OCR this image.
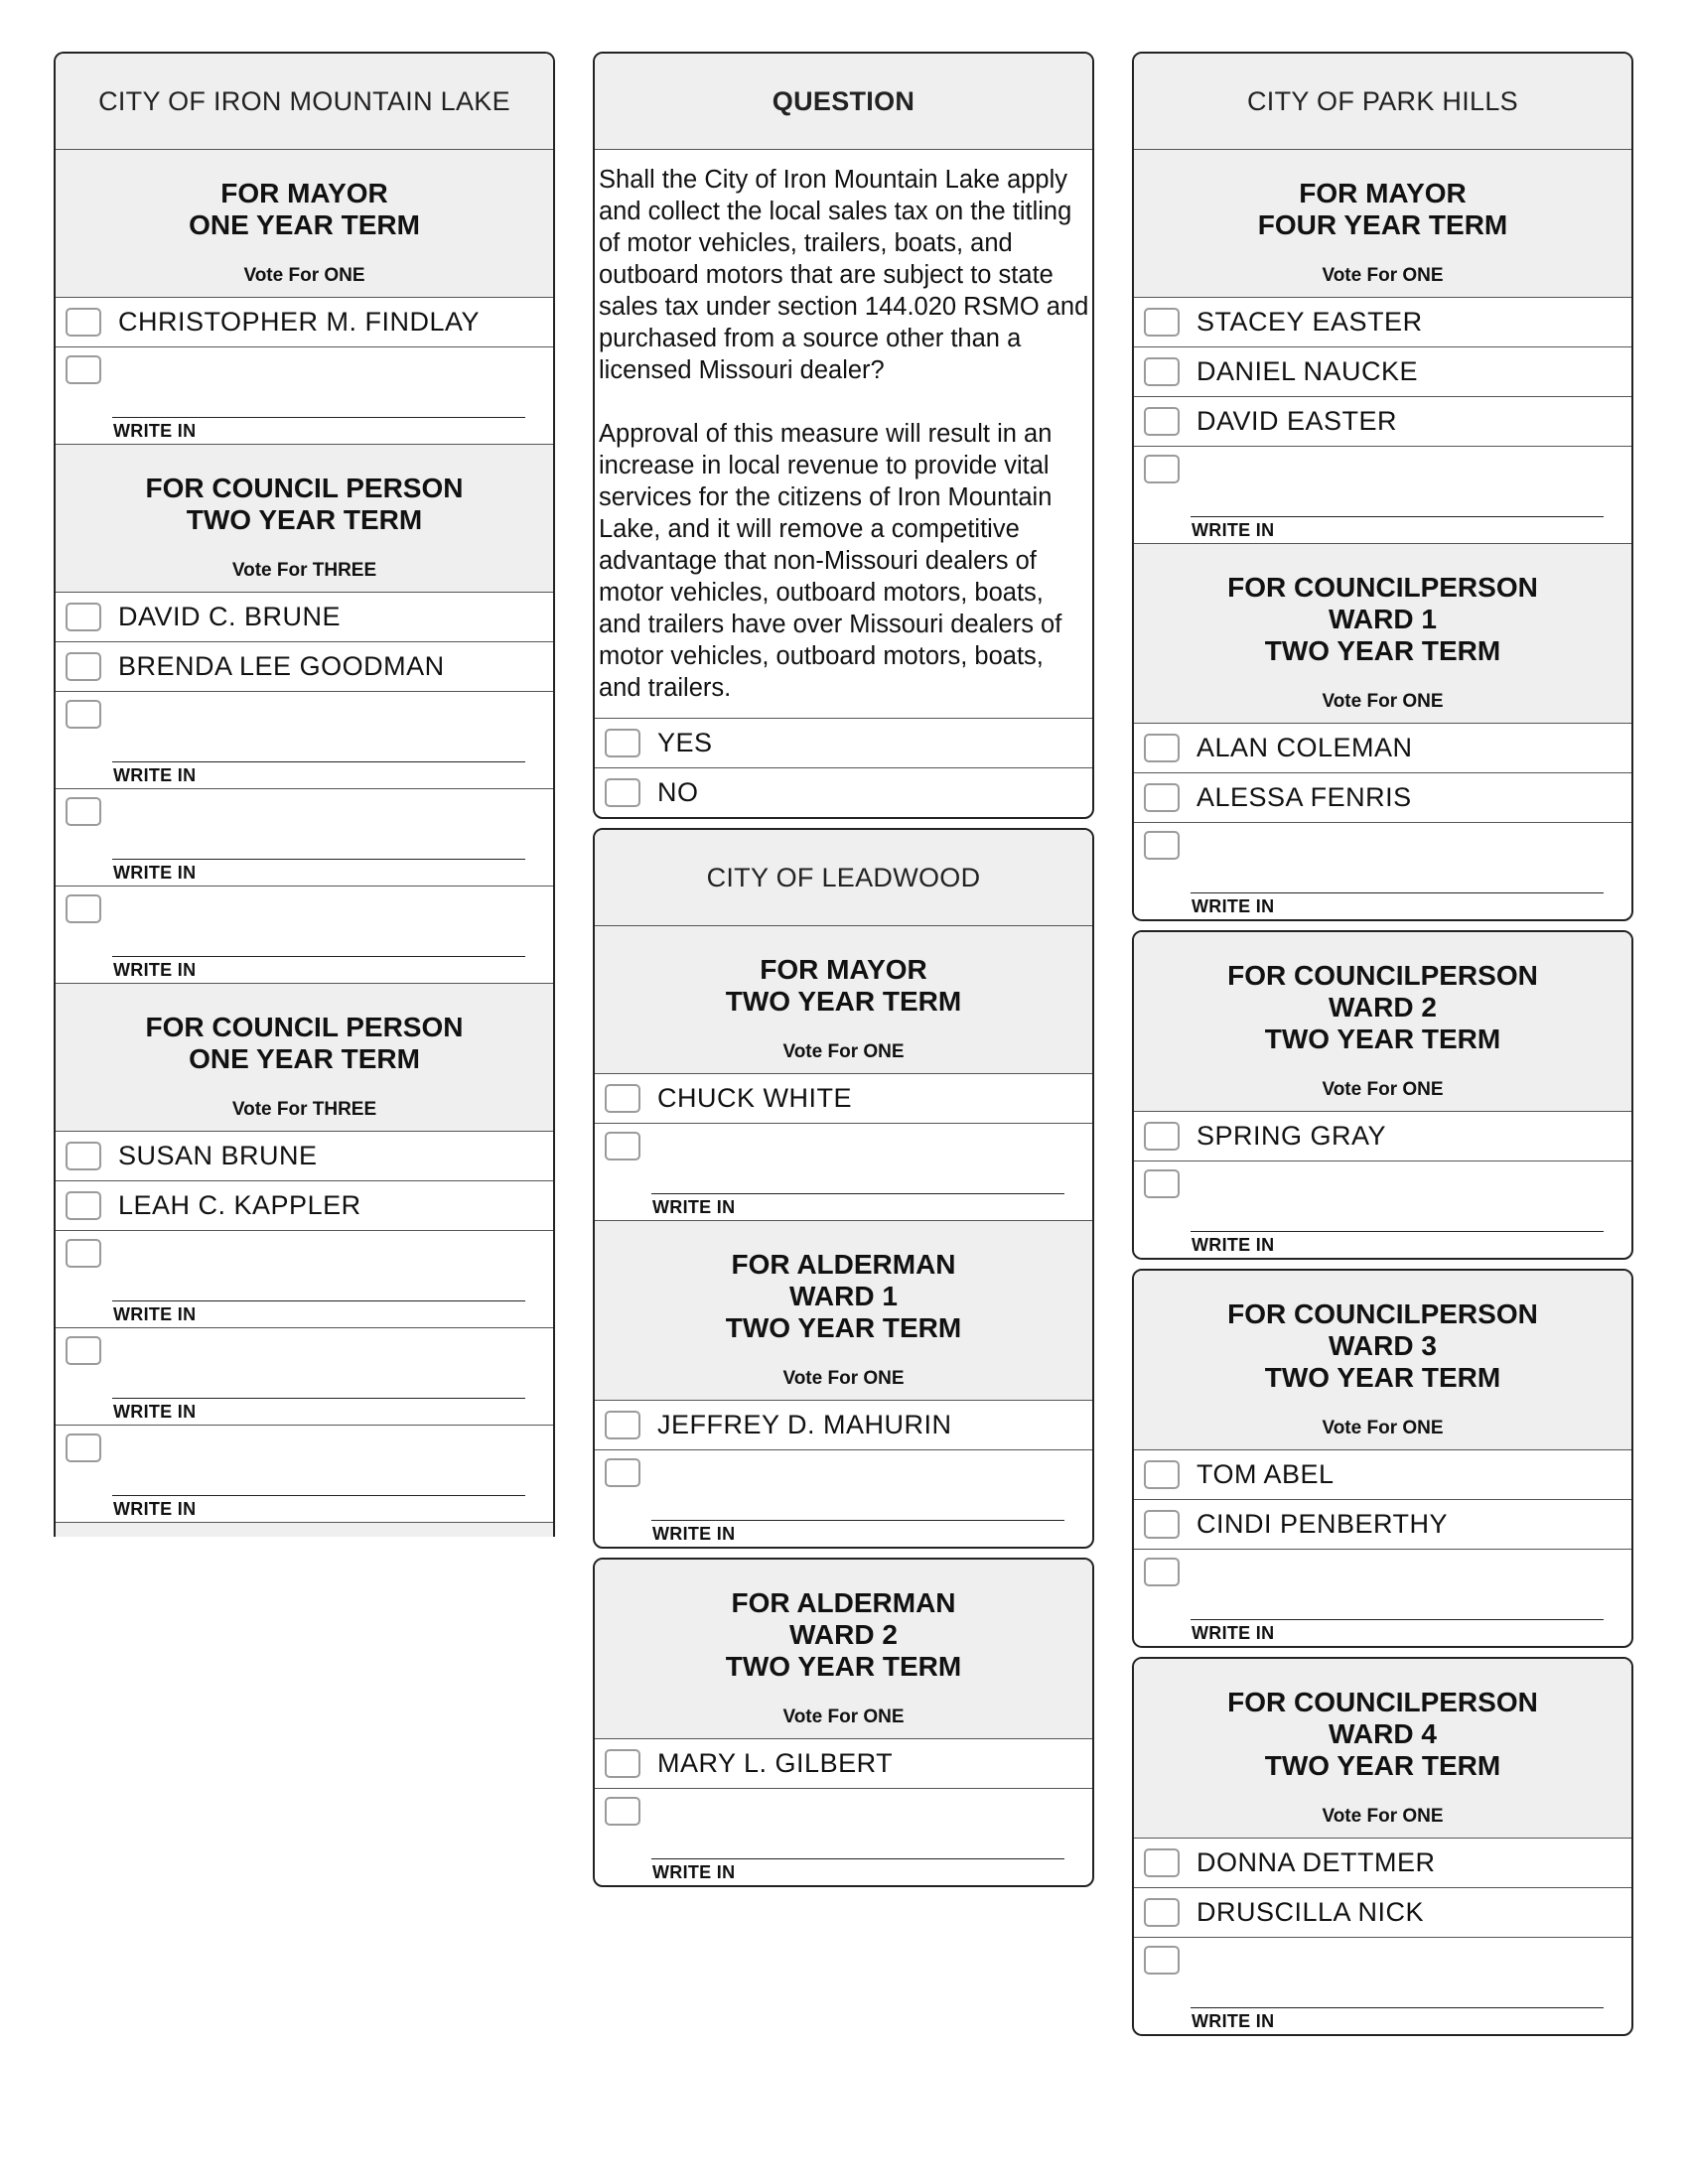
CITY OF IRON MOUNTAIN LAKE
FOR MAYOR
ONE YEAR TERM
Vote For ONE
CHRISTOPHER M. FINDLAY
WRITE IN
FOR COUNCIL PERSON
TWO YEAR TERM
Vote For THREE
DAVID C. BRUNE
BRENDA LEE GOODMAN
WRITE IN
WRITE IN
WRITE IN
FOR COUNCIL PERSON
ONE YEAR TERM
Vote For THREE
SUSAN BRUNE
LEAH C. KAPPLER
WRITE IN
WRITE IN
WRITE IN
QUESTION

Shall the City of Iron Mountain Lake apply and collect the local sales tax on the titling of motor vehicles, trailers, boats, and outboard motors that are subject to state sales tax under section 144.020 RSMO and purchased from a source other than a licensed Missouri dealer?

Approval of this measure will result in an increase in local revenue to provide vital services for the citizens of Iron Mountain Lake, and it will remove a competitive advantage that non-Missouri dealers of motor vehicles, outboard motors, boats, and trailers have over Missouri dealers of motor vehicles, outboard motors, boats, and trailers.

YES
NO
CITY OF LEADWOOD
FOR MAYOR
TWO YEAR TERM
Vote For ONE
CHUCK WHITE
WRITE IN
FOR ALDERMAN
WARD 1
TWO YEAR TERM
Vote For ONE
JEFFREY D. MAHURIN
WRITE IN
FOR ALDERMAN
WARD 2
TWO YEAR TERM
Vote For ONE
MARY L. GILBERT
WRITE IN
CITY OF PARK HILLS
FOR MAYOR
FOUR YEAR TERM
Vote For ONE
STACEY EASTER
DANIEL NAUCKE
DAVID EASTER
WRITE IN
FOR COUNCILPERSON
WARD 1
TWO YEAR TERM
Vote For ONE
ALAN COLEMAN
ALESSA FENRIS
WRITE IN
FOR COUNCILPERSON
WARD 2
TWO YEAR TERM
Vote For ONE
SPRING GRAY
WRITE IN
FOR COUNCILPERSON
WARD 3
TWO YEAR TERM
Vote For ONE
TOM ABEL
CINDI PENBERTHY
WRITE IN
FOR COUNCILPERSON
WARD 4
TWO YEAR TERM
Vote For ONE
DONNA DETTMER
DRUSCILLA NICK
WRITE IN
